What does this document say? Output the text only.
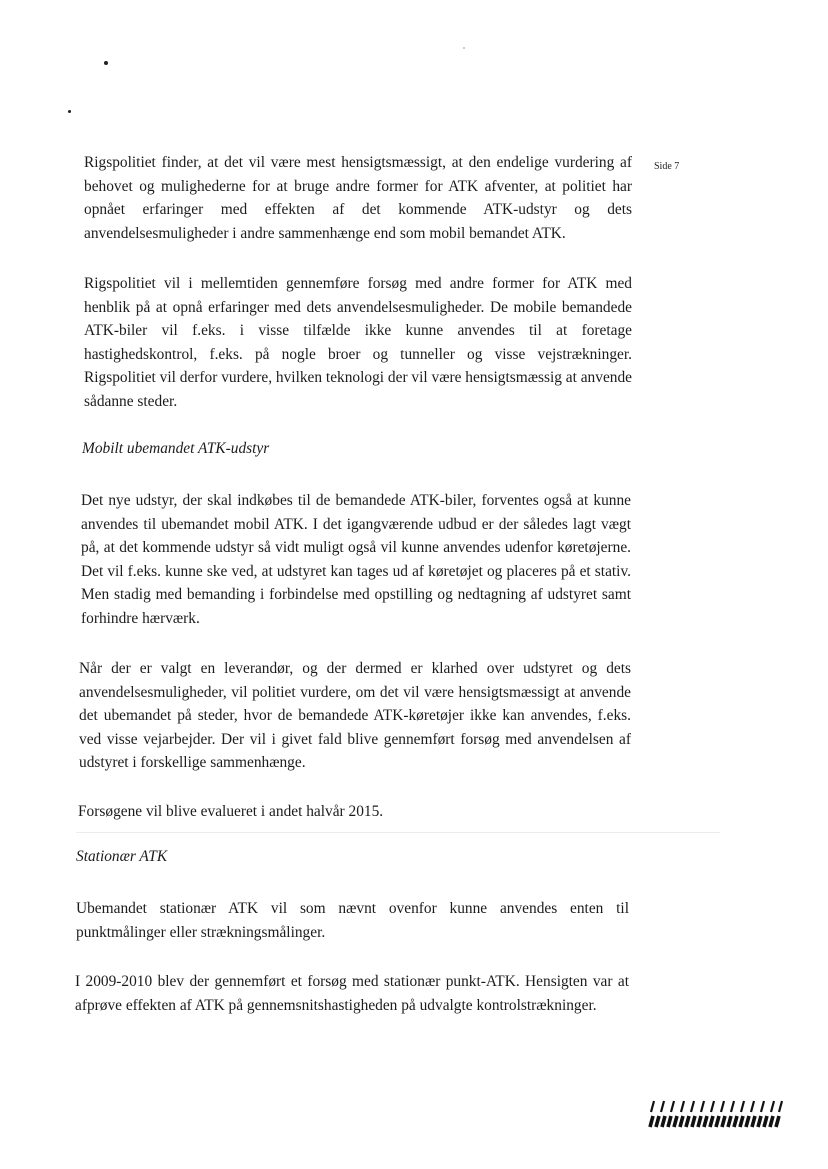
Side 7

Rigspolitiet finder, at det vil være mest hensigtsmæssigt, at den endelige vurdering af behovet og mulighederne for at bruge andre former for ATK afventer, at politiet har opnået erfaringer med effekten af det kommende ATK-udstyr og dets anvendelsesmuligheder i andre sammenhænge end som mobil bemandet ATK.

Rigspolitiet vil i mellemtiden gennemføre forsøg med andre former for ATK med henblik på at opnå erfaringer med dets anvendelsesmuligheder. De mobile bemandede ATK-biler vil f.eks. i visse tilfælde ikke kunne anvendes til at foretage hastighedskontrol, f.eks. på nogle broer og tunneller og visse vejstrækninger. Rigspolitiet vil derfor vurdere, hvilken teknologi der vil være hensigtsmæssig at anvende sådanne steder.

Mobilt ubemandet ATK-udstyr

Det nye udstyr, der skal indkøbes til de bemandede ATK-biler, forventes også at kunne anvendes til ubemandet mobil ATK. I det igangværende udbud er der således lagt vægt på, at det kommende udstyr så vidt muligt også vil kunne anvendes udenfor køretøjerne. Det vil f.eks. kunne ske ved, at udstyret kan tages ud af køretøjet og placeres på et stativ. Men stadig med bemanding i forbindelse med opstilling og nedtagning af udstyret samt forhindre hærværk.

Når der er valgt en leverandør, og der dermed er klarhed over udstyret og dets anvendelsesmuligheder, vil politiet vurdere, om det vil være hensigtsmæssigt at anvende det ubemandet på steder, hvor de bemandede ATK-køretøjer ikke kan anvendes, f.eks. ved visse vejarbejder. Der vil i givet fald blive gennemført forsøg med anvendelsen af udstyret i forskellige sammenhænge.

Forsøgene vil blive evalueret i andet halvår 2015.

Stationær ATK

Ubemandet stationær ATK vil som nævnt ovenfor kunne anvendes enten til punktmålinger eller strækningsmålinger.

I 2009-2010 blev der gennemført et forsøg med stationær punkt-ATK. Hensigten var at afprøve effekten af ATK på gennemsnitshastigheden på udvalgte kontrolstrækninger.
